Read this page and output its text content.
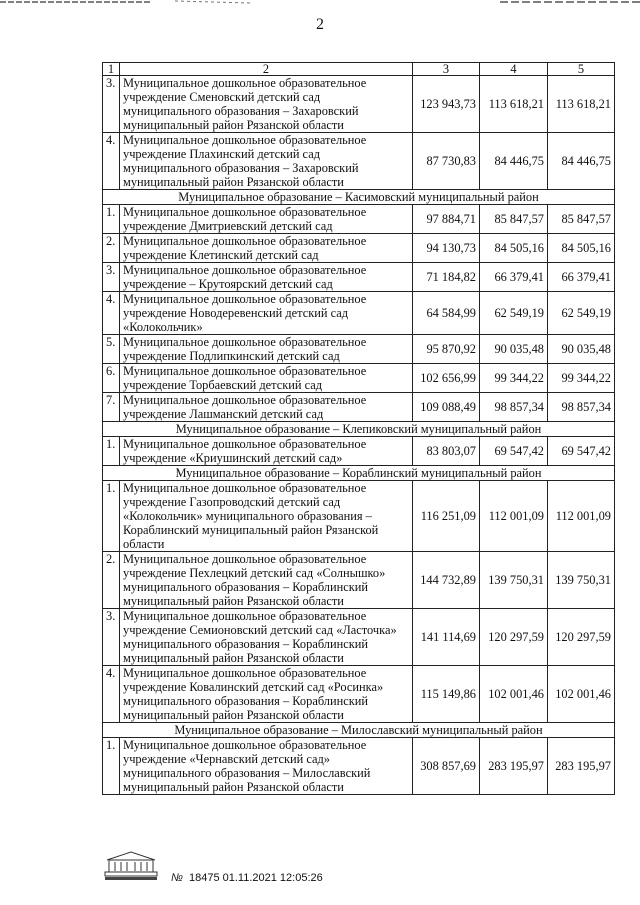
2
1	2	3	4	5
3.	Муниципальное дошкольное образовательное
учреждение Сменовский детский сад
муниципального образования – Захаровский
муниципальный район Рязанской области	123 943,73	113 618,21	113 618,21
4.	Муниципальное дошкольное образовательное
учреждение Плахинский детский сад
муниципального образования – Захаровский
муниципальный район Рязанской области	87 730,83	84 446,75	84 446,75
Муниципальное образование – Касимовский муниципальный район				
1.	Муниципальное дошкольное образовательное
учреждение Дмитриевский детский сад	97 884,71	85 847,57	85 847,57
2.	Муниципальное дошкольное образовательное
учреждение Клетинский детский сад	94 130,73	84 505,16	84 505,16
3.	Муниципальное дошкольное образовательное
учреждение – Крутоярский детский сад	71 184,82	66 379,41	66 379,41
4.	Муниципальное дошкольное образовательное
учреждение Новодеревенский детский сад
«Колокольчик»	64 584,99	62 549,19	62 549,19
5.	Муниципальное дошкольное образовательное
учреждение Подлипкинский детский сад	95 870,92	90 035,48	90 035,48
6.	Муниципальное дошкольное образовательное
учреждение Торбаевский детский сад	102 656,99	99 344,22	99 344,22
7.	Муниципальное дошкольное образовательное
учреждение Лашманский детский сад	109 088,49	98 857,34	98 857,34
Муниципальное образование – Клепиковский муниципальный район				
1.	Муниципальное дошкольное образовательное
учреждение «Криушинский детский сад»	83 803,07	69 547,42	69 547,42
Муниципальное образование – Кораблинский муниципальный район				
1.	Муниципальное дошкольное образовательное
учреждение Газопроводский детский сад
«Колокольчик» муниципального образования –
Кораблинский муниципальный район Рязанской
области	116 251,09	112 001,09	112 001,09
2.	Муниципальное дошкольное образовательное
учреждение Пехлецкий детский сад «Солнышко»
муниципального образования – Кораблинский
муниципальный район Рязанской области	144 732,89	139 750,31	139 750,31
3.	Муниципальное дошкольное образовательное
учреждение Семионовский детский сад «Ласточка»
муниципального образования – Кораблинский
муниципальный район Рязанской области	141 114,69	120 297,59	120 297,59
4.	Муниципальное дошкольное образовательное
учреждение Ковалинский детский сад «Росинка»
муниципального образования – Кораблинский
муниципальный район Рязанской области	115 149,86	102 001,46	102 001,46
Муниципальное образование – Милославский муниципальный район				
1.	Муниципальное дошкольное образовательное
учреждение «Чернавский детский сад»
муниципального образования – Милославский
муниципальный район Рязанской области	308 857,69	283 195,97	283 195,97
№ 18475 01.11.2021 12:05:26
